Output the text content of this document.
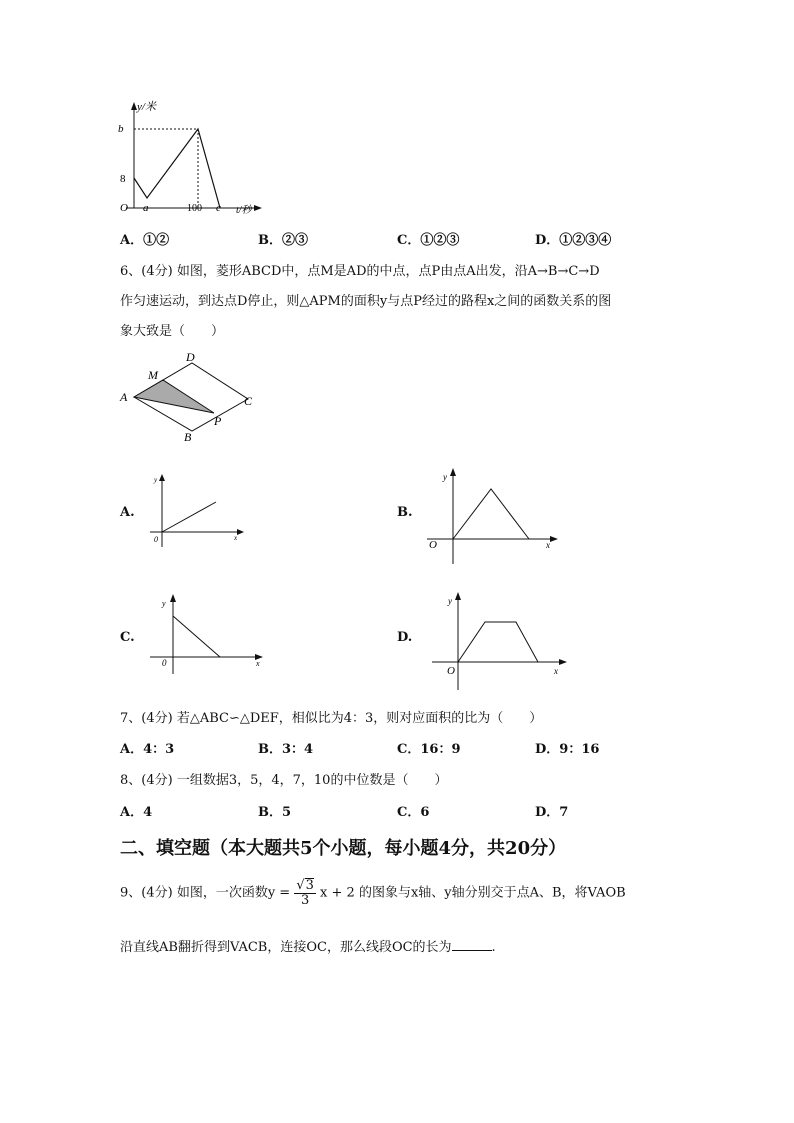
y/米
b
8
O a	100 c t/秒
A．①②	B．②③	C．①②③	D．①②③④
6、(4分) 如图，菱形ABCD中，点M是AD的中点，点P由点A出发，沿A→B→C→D
作匀速运动，到达点D停止，则△APM的面积y与点P经过的路程x之间的函数关系的图
象大致是（　　）
D
M
A	C
P
B
A.
y
0	x
B.
y
O	x
C.
y
0	x
D.
y
O	x
7、(4分) 若△ABC∽△DEF，相似比为4：3，则对应面积的比为（　　）
A．4：3	B．3：4	C．16：9	D．9：16
8、(4分) 一组数据3，5，4，7，10的中位数是（　　）
A．4	B．5	C．6	D．7
二、填空题（本大题共5个小题，每小题4分，共20分）
9、(4分) 如图，一次函数$y = \frac{√3}{3}$ x + 2 的图象与x轴、y轴分别交于点A、B，将VAOB
沿直线AB翻折得到VACB，连接OC，那么线段OC的长为	.
